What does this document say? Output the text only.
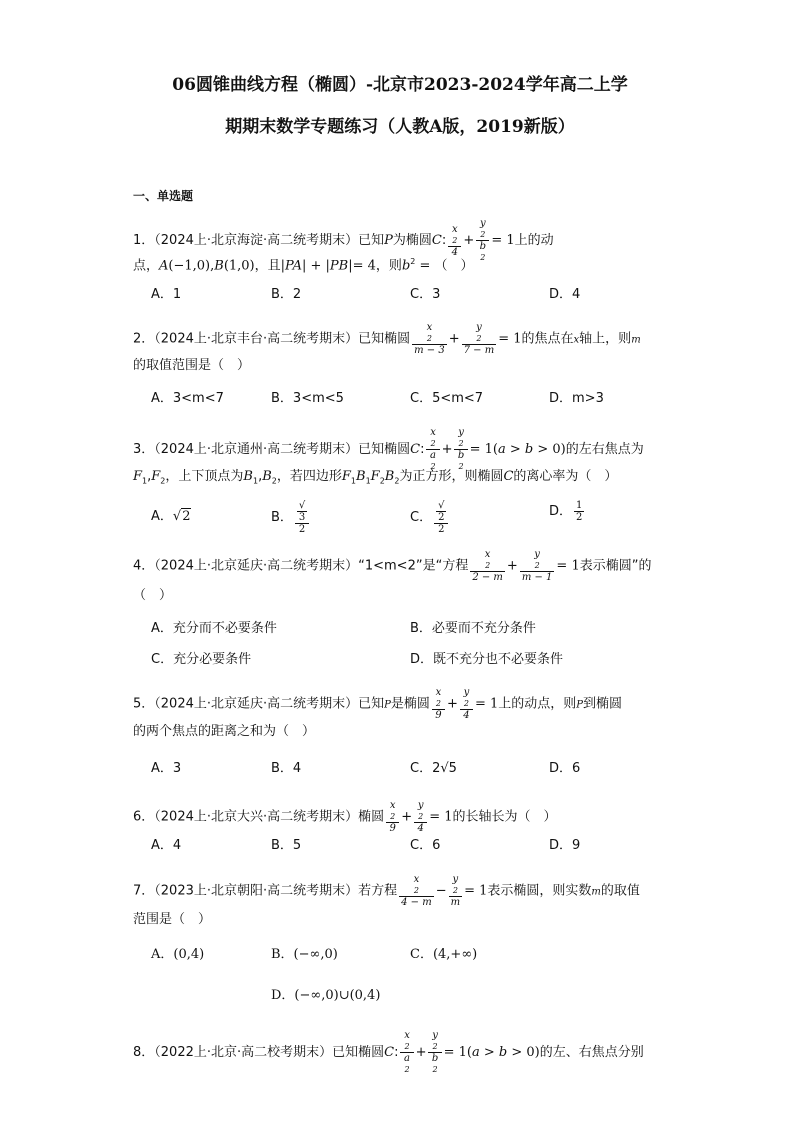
06圆锥曲线方程（椭圆）-北京市2023-2024学年高二上学
期期末数学专题练习（人教A版，2019新版）
一、单选题
1．（2024上·北京海淀·高二统考期末）已知P为椭圆C: x
2
4 + y
2
b
2 = 1上的动
点，A(−1,0),B(1,0)，且|PA| + |PB|= 4，则$b^2$ = （　）
A．1	B．2	C．3	D．4
2．（2024上·北京丰台·高二统考期末）已知椭圆 x
2
m − 3 + y
2
7 − m = 1的焦点在x轴上，则m
的取值范围是（　）
A．3<m<7	B．3<m<5	C．5<m<7	D．m>3
3．（2024上·北京通州·高二统考期末）已知椭圆C: x
2
a
2 + y
2
b
2 = 1(a > b > 0)的左右焦点为
$F_1,F_2$，上下顶点为$B_1,B_2$，若四边形$F_1B_1F_2B_2$为正方形，则椭圆C的离心率为（　）
A．√2	B． √
3
2	C． √
2
2	D． $\frac{1}{2}$
4．（2024上·北京延庆·高二统考期末）“1<m<2”是“方程 x
2
2 − m + y
2
m − 1 = 1表示椭圆”的
（　）
A．充分而不必要条件	B．必要而不充分条件
C．充分必要条件	D．既不充分也不必要条件
5．（2024上·北京延庆·高二统考期末）已知P是椭圆 x
2
9 + y
2
4 = 1上的动点，则P到椭圆
的两个焦点的距离之和为（　）
A．3	B．4	C．2√5	D．6
6．（2024上·北京大兴·高二统考期末）椭圆 x
2
9 + y
2
4 = 1的长轴长为（　）
A．4	B．5	C．6	D．9
7．（2023上·北京朝阳·高二统考期末）若方程 x
2
4 − m − y
2
m = 1表示椭圆，则实数m的取值
范围是（　）
A．(0,4)	B．(−∞,0)	C．(4,+∞)
D．(−∞,0)∪(0,4)
8．（2022上·北京·高二校考期末）已知椭圆C: x
2
a
2 + y
2
b
2 = 1(a > b > 0)的左、右焦点分别
